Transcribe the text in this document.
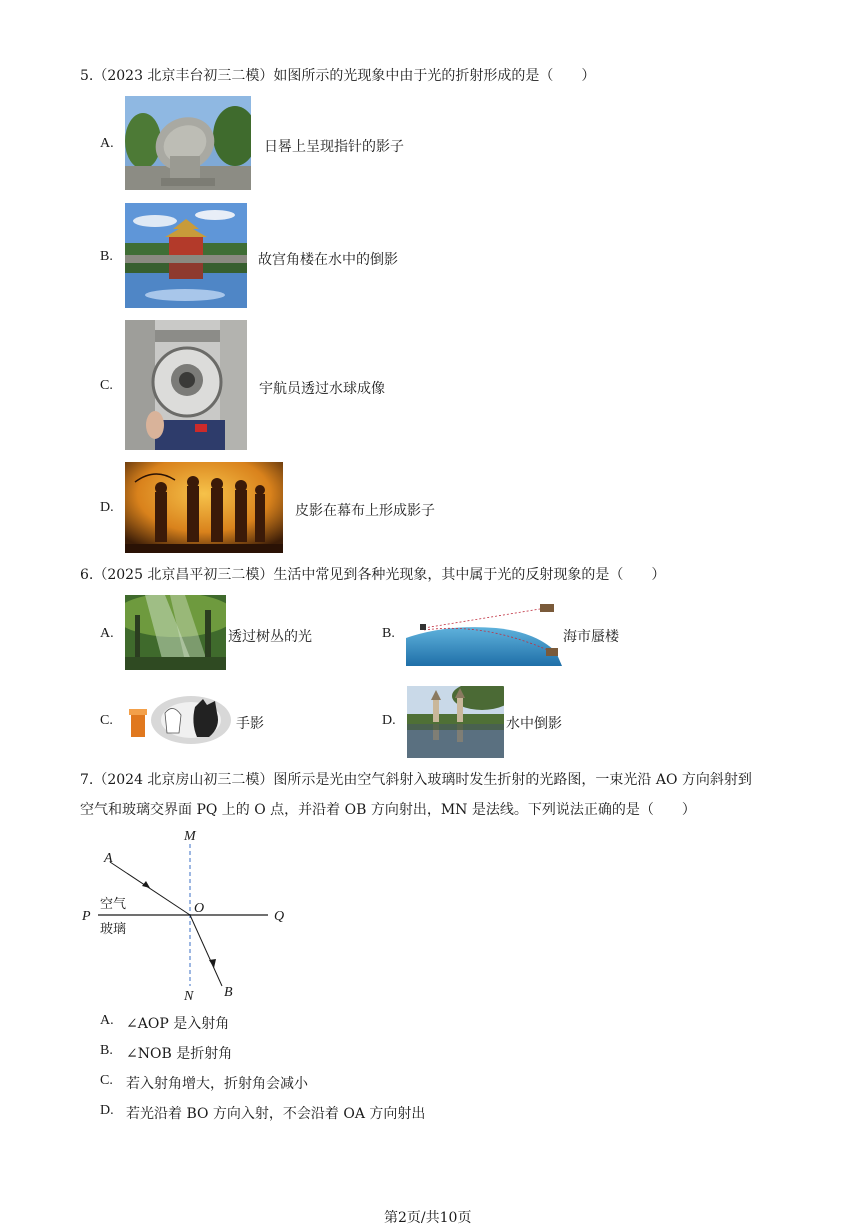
5.（2023 北京丰台初三二模）如图所示的光现象中由于光的折射形成的是（　　）
A.	日晷上呈现指针的影子
B.	故宫角楼在水中的倒影
C.	宇航员透过水球成像
D.	皮影在幕布上形成影子
6.（2025 北京昌平初三二模）生活中常见到各种光现象，其中属于光的反射现象的是（　　）
A.	透过树丛的光	B.	海市蜃楼
C.	手影	D.	水中倒影
7.（2024 北京房山初三二模）图所示是光由空气斜射入玻璃时发生折射的光路图，一束光沿 AO 方向斜射到
空气和玻璃交界面 PQ 上的 O 点，并沿着 OB 方向射出，MN 是法线。下列说法正确的是（　　）
M
N
A
B
O
P	Q
空气
玻璃
A. ∠AOP 是入射角
B. ∠NOB 是折射角
C. 若入射角增大，折射角会减小
D. 若光沿着 BO 方向入射，不会沿着 OA 方向射出
第2页/共10页
